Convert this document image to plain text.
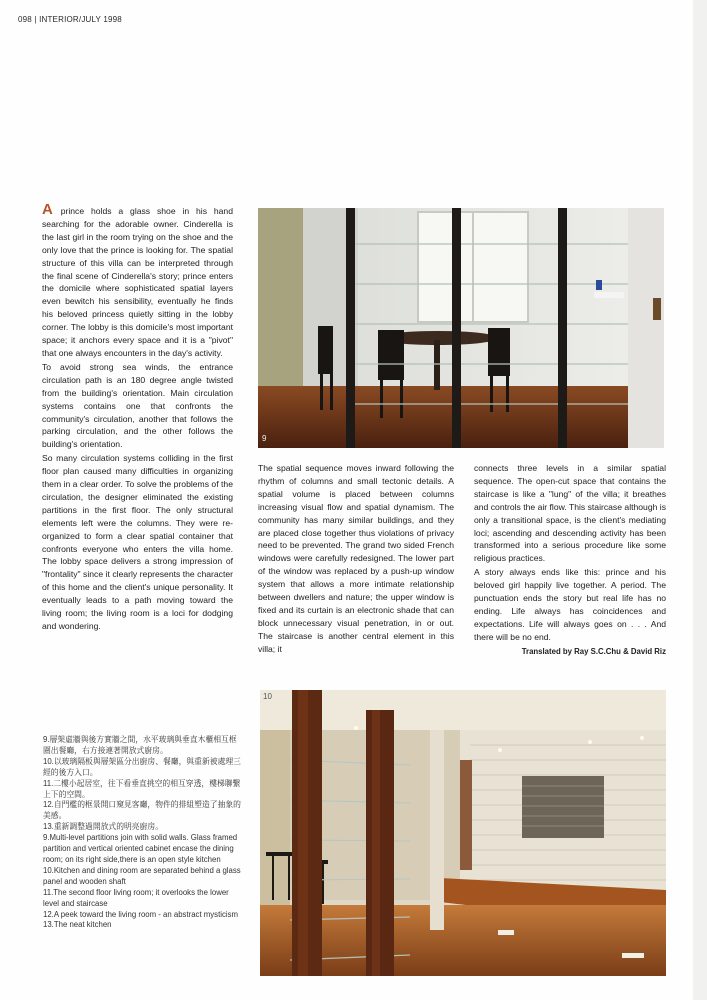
098 | INTERIOR/JULY 1998

A prince holds a glass shoe in his hand searching for the adorable owner. Cinderella is the last girl in the room trying on the shoe and the only love that the prince is looking for. The spatial structure of this villa can be interpreted through the final scene of Cinderella's story; prince enters the domicile where sophisticated spatial layers even bewitch his sensibility, eventually he finds his beloved princess quietly sitting in the lobby corner. The lobby is this domicile's most important space; it anchors every space and it is a "pivot" that one always encounters in the day's activity.

To avoid strong sea winds, the entrance circulation path is an 180 degree angle twisted from the building's orientation. Main circulation systems contains one that confronts the community's circulation, another that follows the parking circulation, and the other follows the building's orientation.

So many circulation systems colliding in the first floor plan caused many difficulties in organizing them in a clear order. To solve the problems of the circulation, the designer eliminated the existing partitions in the first floor. The only structural elements left were the columns. They were re-organized to form a clear spatial container that confronts everyone who enters the villa home. The lobby space delivers a strong impression of "frontality" since it clearly represents the character of this home and the client's unique personality. It eventually leads to a path moving toward the living room; the living room is a loci for dodging and wondering.

9

The spatial sequence moves inward following the rhythm of columns and small tectonic details. A spatial volume is placed between columns increasing visual flow and spatial dynamism. The community has many similar buildings, and they are placed close together thus violations of privacy need to be prevented. The grand two sided French windows were carefully redesigned. The lower part of the window was replaced by a push-up window system that allows a more intimate relationship between dwellers and nature; the upper window is fixed and its curtain is an electronic shade that can block unnecessary visual penetration, in or out. The staircase is another central element in this villa; it

connects three levels in a similar spatial sequence. The open-cut space that contains the staircase is like a "lung" of the villa; it breathes and controls the air flow. This staircase although is only a transitional space, is the client's mediating loci; ascending and descending activity has been transformed into a serious procedure like some religious practices.

A story always ends like this: prince and his beloved girl happily live together. A period. The punctuation ends the story but real life has no ending. Life always has coincidences and expectations. Life will always goes on . . . And there will be no end.

Translated by Ray S.C.Chu & David Riz

9.層架虛牆與後方實牆之間，水平玻璃與垂直木櫃相互框圍出餐廳，右方接連著開放式廚房。

10.以玻璃隔板與層架區分出廚房、餐廳，與重新被處理三經的後方入口。

11.二樓小起居室，往下看垂直挑空的相互穿透，樓梯聯繫上下的空間。

12.自門檻的框景開口窺見客廳，物件的排組塑造了抽象的美感。

13.重新調整過開放式的明亮廚房。

9.Multi-level partitions join with solid walls. Glass framed partition and vertical oriented cabinet encase the dining room; on its right side,there is an open style kitchen

10.Kitchen and dining room are separated behind a glass panel and wooden shaft

11.The second floor living room; it overlooks the lower level and staircase

12.A peek toward the living room - an abstract mysticism

13.The neat kitchen

10
